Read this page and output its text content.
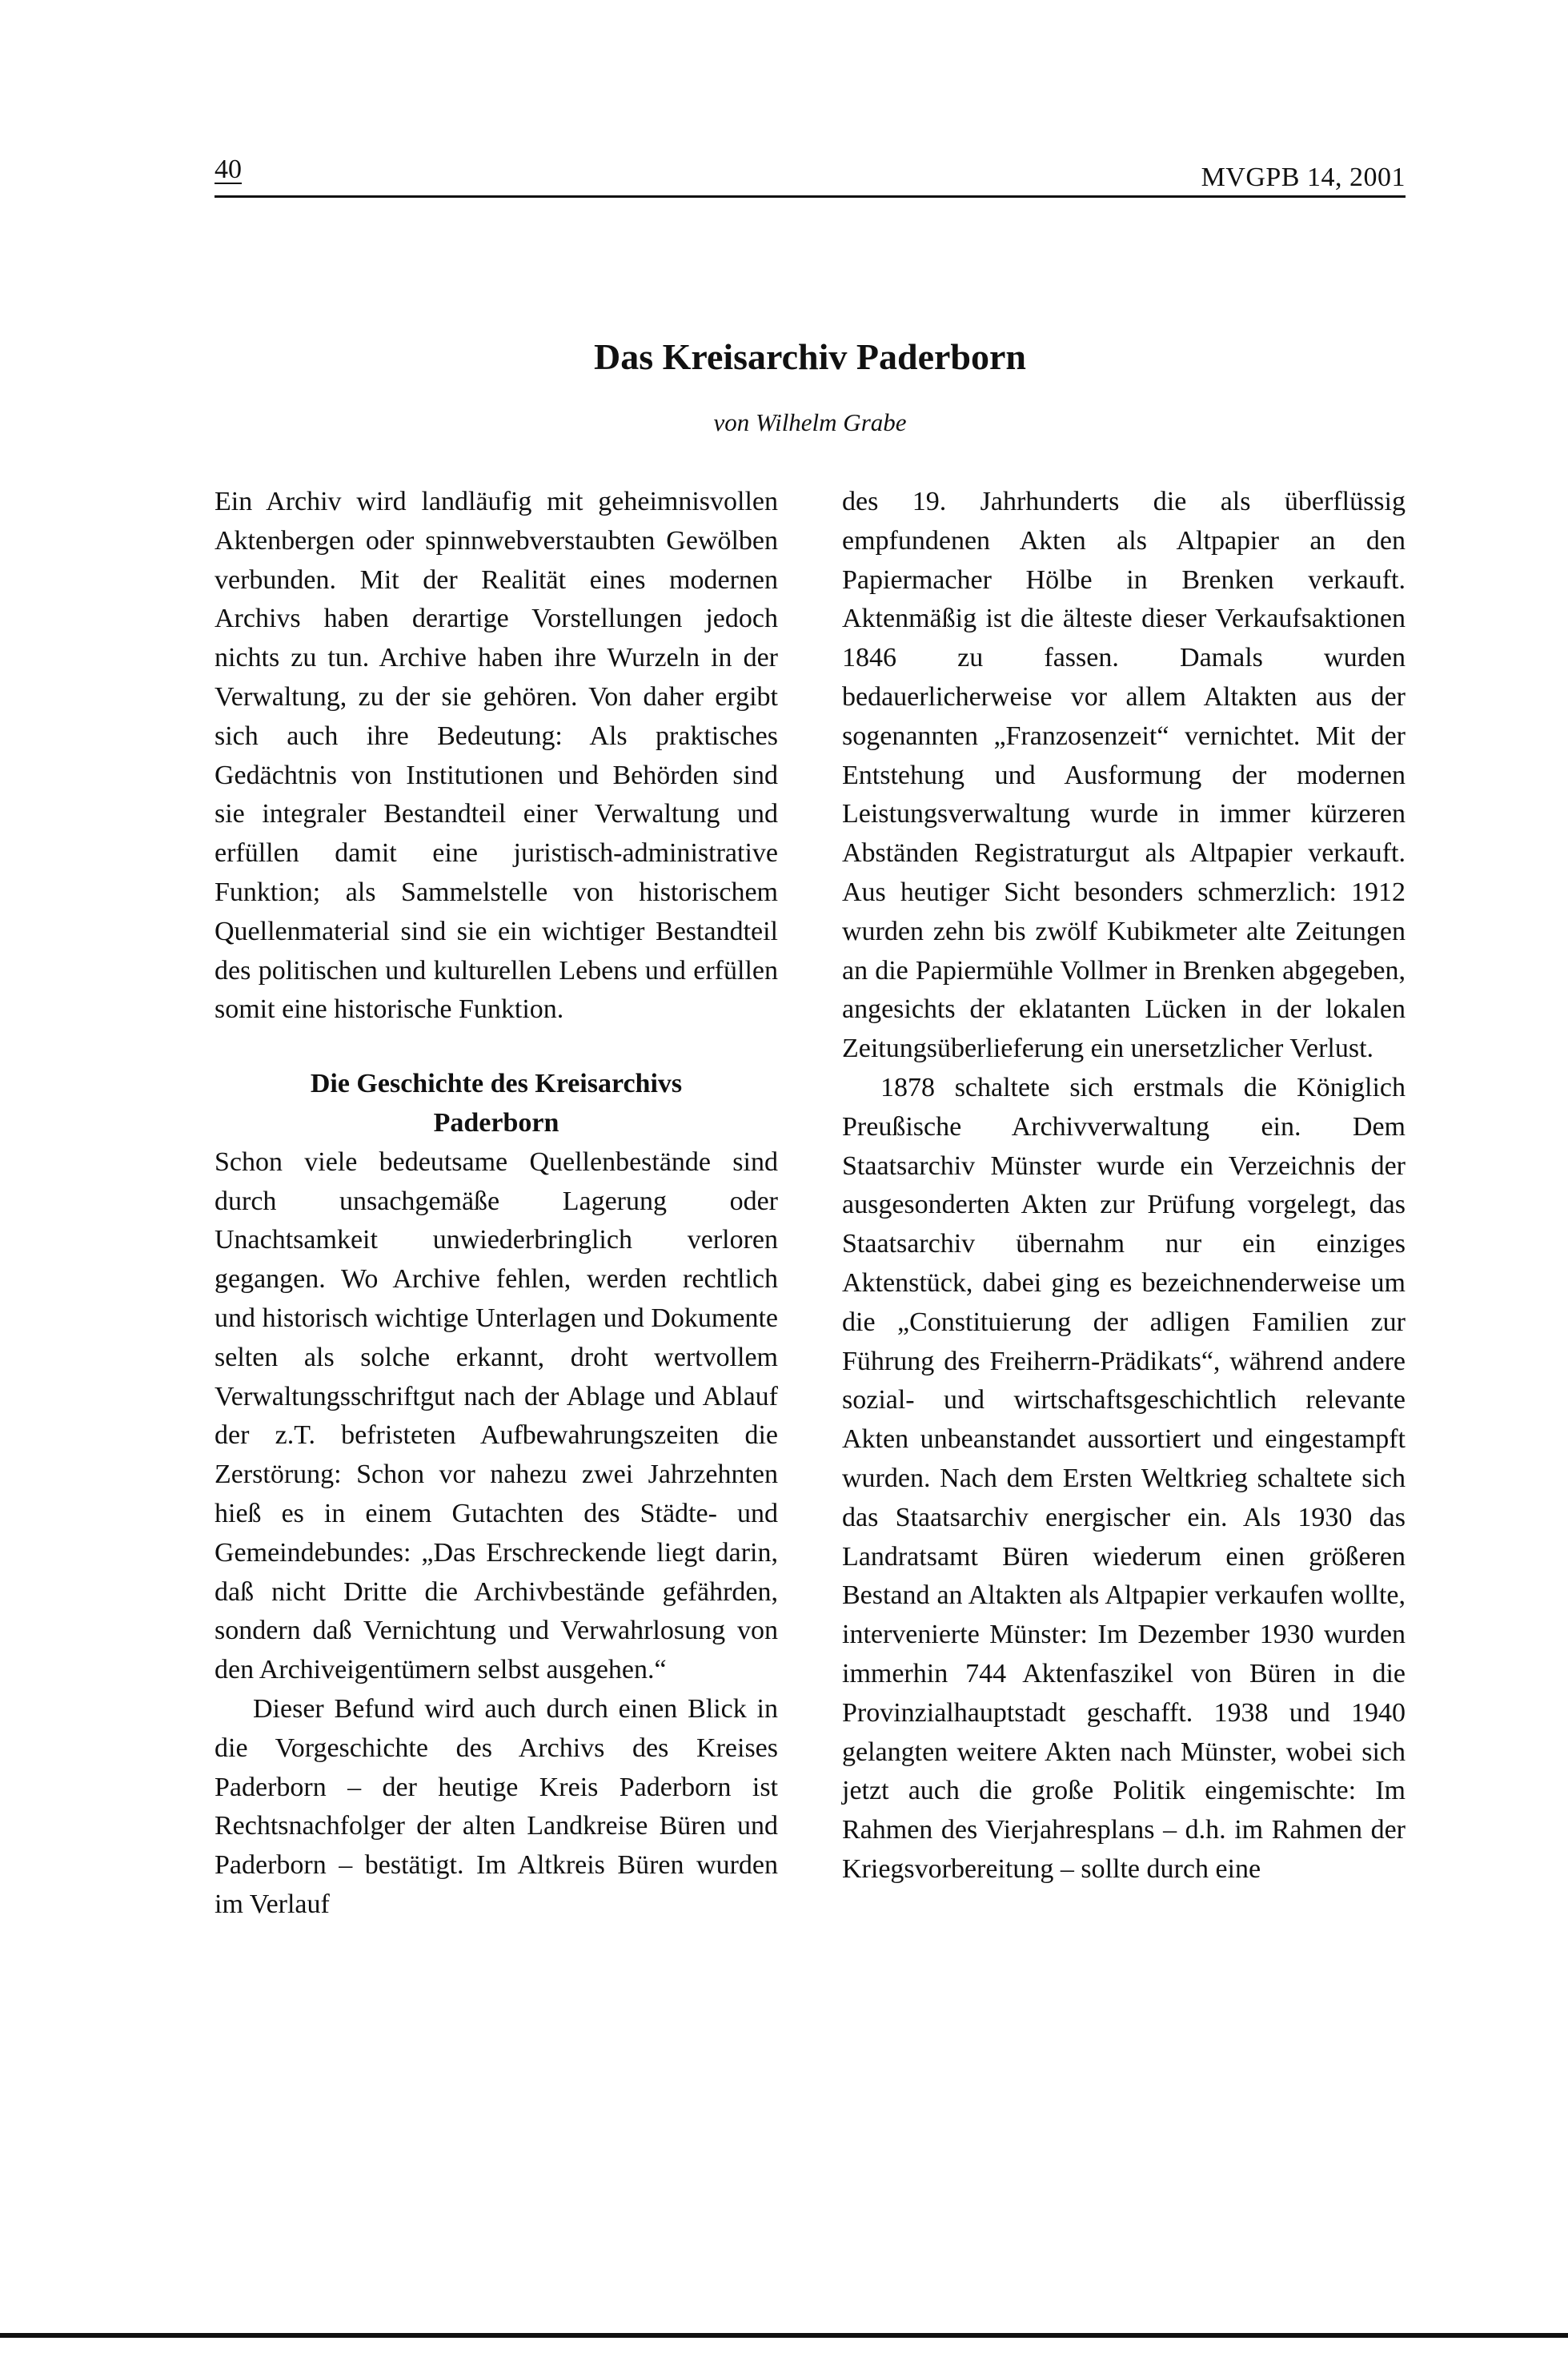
40	MVGPB 14, 2001
Das Kreisarchiv Paderborn

von Wilhelm Grabe

Ein Archiv wird landläufig mit geheimnisvollen Aktenbergen oder spinnwebverstaubten Gewölben verbunden. Mit der Realität eines modernen Archivs haben derartige Vorstellungen jedoch nichts zu tun. Archive haben ihre Wurzeln in der Verwaltung, zu der sie gehören. Von daher ergibt sich auch ihre Bedeutung: Als praktisches Gedächtnis von Institutionen und Behörden sind sie integraler Bestandteil einer Verwaltung und erfüllen damit eine juristisch-administrative Funktion; als Sammelstelle von historischem Quellenmaterial sind sie ein wichtiger Bestandteil des politischen und kulturellen Lebens und erfüllen somit eine historische Funktion.

Die Geschichte des Kreisarchivs Paderborn

Schon viele bedeutsame Quellenbestände sind durch unsachgemäße Lagerung oder Unachtsamkeit unwiederbringlich verloren gegangen. Wo Archive fehlen, werden rechtlich und historisch wichtige Unterlagen und Dokumente selten als solche erkannt, droht wertvollem Verwaltungsschriftgut nach der Ablage und Ablauf der z.T. befristeten Aufbewahrungszeiten die Zerstörung: Schon vor nahezu zwei Jahrzehnten hieß es in einem Gutachten des Städte- und Gemeindebundes: „Das Erschreckende liegt darin, daß nicht Dritte die Archivbestände gefährden, sondern daß Vernichtung und Verwahrlosung von den Archiveigentümern selbst ausgehen.“

Dieser Befund wird auch durch einen Blick in die Vorgeschichte des Archivs des Kreises Paderborn – der heutige Kreis Paderborn ist Rechtsnachfolger der alten Landkreise Büren und Paderborn – bestätigt. Im Altkreis Büren wurden im Verlauf

des 19. Jahrhunderts die als überflüssig empfundenen Akten als Altpapier an den Papiermacher Hölbe in Brenken verkauft. Aktenmäßig ist die älteste dieser Verkaufsaktionen 1846 zu fassen. Damals wurden bedauerlicherweise vor allem Altakten aus der sogenannten „Franzosenzeit“ vernichtet. Mit der Entstehung und Ausformung der modernen Leistungsverwaltung wurde in immer kürzeren Abständen Registraturgut als Altpapier verkauft. Aus heutiger Sicht besonders schmerzlich: 1912 wurden zehn bis zwölf Kubikmeter alte Zeitungen an die Papiermühle Vollmer in Brenken abgegeben, angesichts der eklatanten Lücken in der lokalen Zeitungsüberlieferung ein unersetzlicher Verlust.

1878 schaltete sich erstmals die Königlich Preußische Archivverwaltung ein. Dem Staatsarchiv Münster wurde ein Verzeichnis der ausgesonderten Akten zur Prüfung vorgelegt, das Staatsarchiv übernahm nur ein einziges Aktenstück, dabei ging es bezeichnenderweise um die „Constituierung der adligen Familien zur Führung des Freiherrn-Prädikats“, während andere sozial- und wirtschaftsgeschichtlich relevante Akten unbeanstandet aussortiert und eingestampft wurden. Nach dem Ersten Weltkrieg schaltete sich das Staatsarchiv energischer ein. Als 1930 das Landratsamt Büren wiederum einen größeren Bestand an Altakten als Altpapier verkaufen wollte, intervenierte Münster: Im Dezember 1930 wurden immerhin 744 Aktenfaszikel von Büren in die Provinzialhauptstadt geschafft. 1938 und 1940 gelangten weitere Akten nach Münster, wobei sich jetzt auch die große Politik eingemischte: Im Rahmen des Vierjahresplans – d.h. im Rahmen der Kriegsvorbereitung – sollte durch eine
